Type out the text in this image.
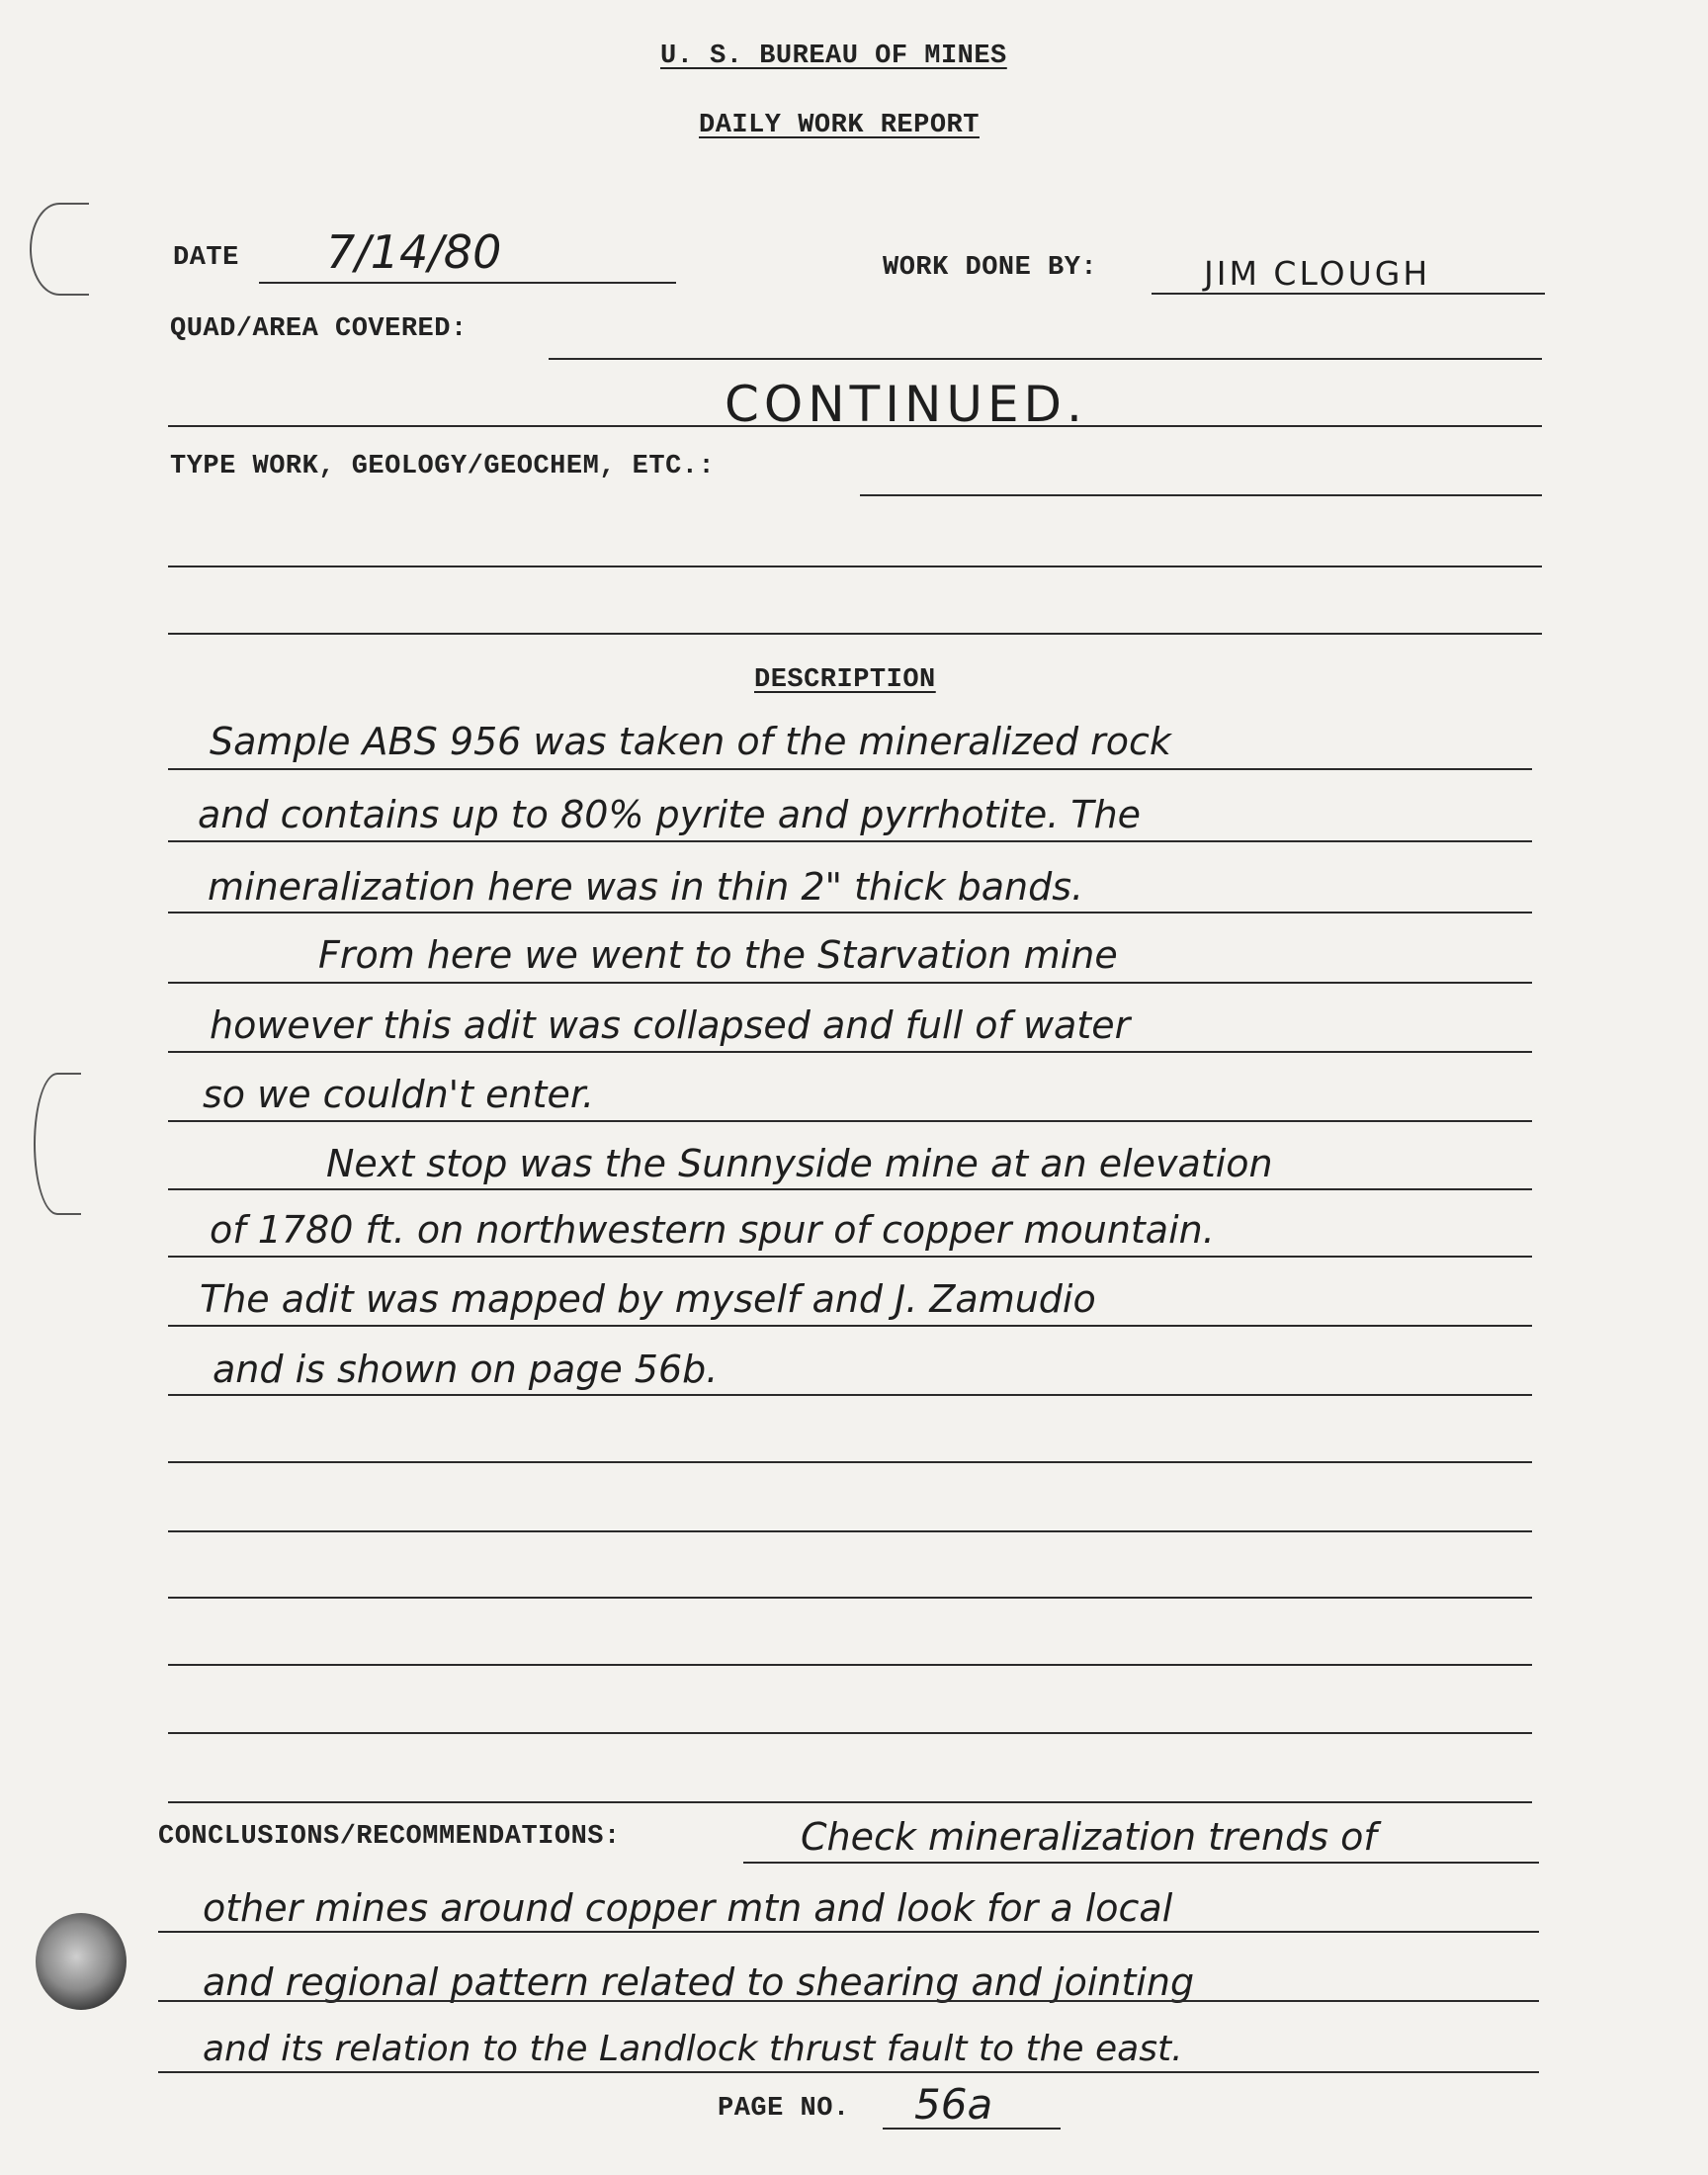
U. S. BUREAU OF MINES
DAILY WORK REPORT
DATE 7/14/80	WORK DONE BY:	JIM CLOUGH
QUAD/AREA COVERED:
CONTINUED.
TYPE WORK, GEOLOGY/GEOCHEM, ETC.:
DESCRIPTION
Sample ABS 956 was taken of the mineralized rock
and contains up to 80% pyrite and pyrrhotite. The
mineralization here was in thin 2" thick bands.
From here we went to the Starvation mine
however this adit was collapsed and full of water
so we couldn't enter.
Next stop was the Sunnyside mine at an elevation
of 1780 ft. on northwestern spur of copper mountain.
The adit was mapped by myself and J. Zamudio
and is shown on page 56b.
CONCLUSIONS/RECOMMENDATIONS:	Check mineralization trends of
other mines around copper mtn and look for a local
and regional pattern related to shearing and jointing
and its relation to the Landlock thrust fault to the east.
PAGE NO. 56a
